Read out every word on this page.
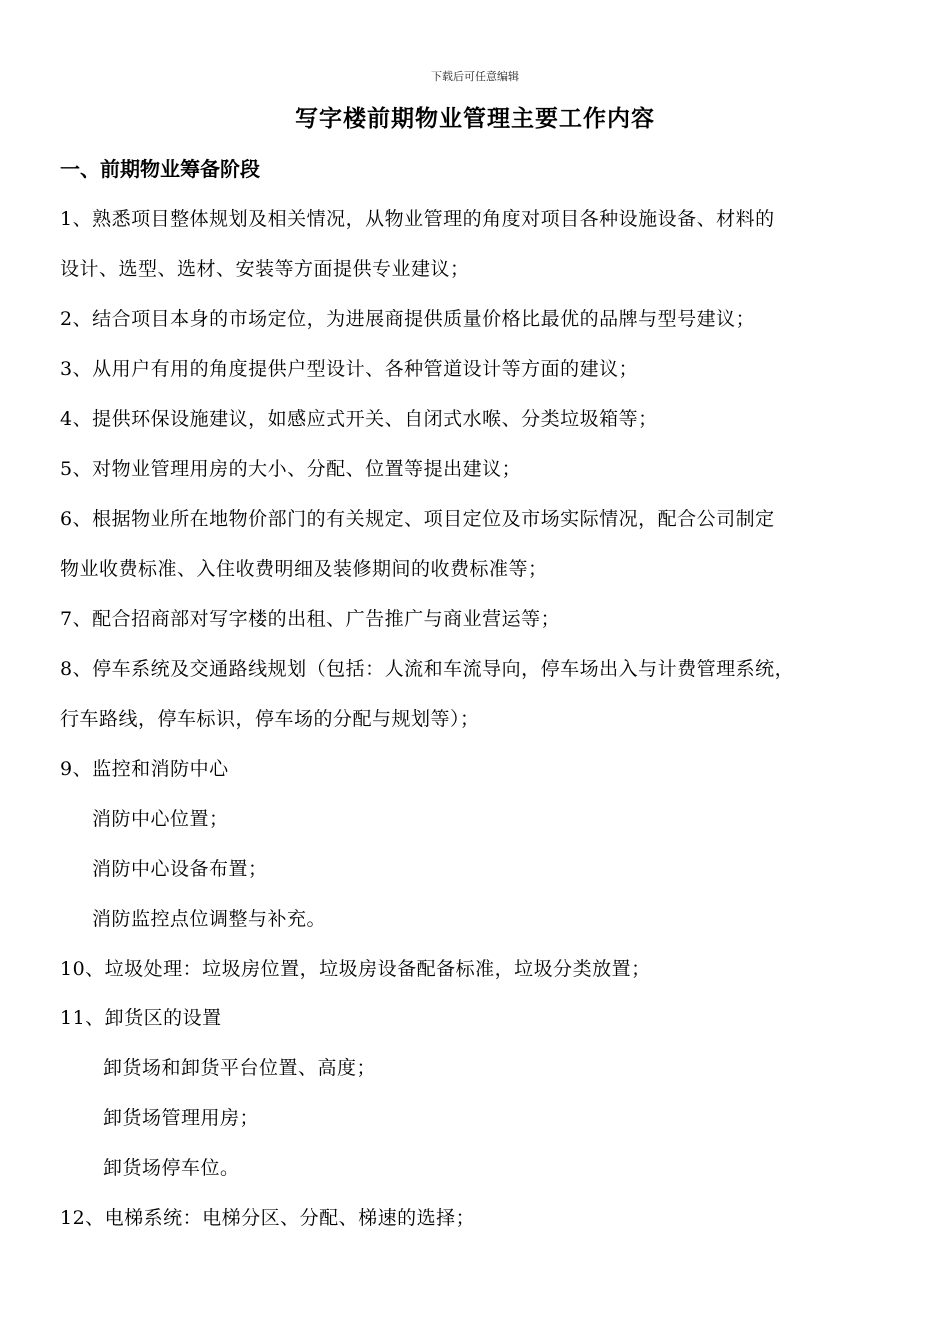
下载后可任意编辑
写字楼前期物业管理主要工作内容
一、前期物业筹备阶段
1、熟悉项目整体规划及相关情况，从物业管理的角度对项目各种设施设备、材料的
设计、选型、选材、安装等方面提供专业建议；
2、结合项目本身的市场定位，为进展商提供质量价格比最优的品牌与型号建议；
3、从用户有用的角度提供户型设计、各种管道设计等方面的建议；
4、提供环保设施建议，如感应式开关、自闭式水喉、分类垃圾箱等；
5、对物业管理用房的大小、分配、位置等提出建议；
6、根据物业所在地物价部门的有关规定、项目定位及市场实际情况，配合公司制定
物业收费标准、入住收费明细及装修期间的收费标准等；
7、配合招商部对写字楼的出租、广告推广与商业营运等；
8、停车系统及交通路线规划（包括：人流和车流导向，停车场出入与计费管理系统，
行车路线，停车标识，停车场的分配与规划等）；
9、监控和消防中心
消防中心位置；
消防中心设备布置；
消防监控点位调整与补充。
10、垃圾处理：垃圾房位置，垃圾房设备配备标准，垃圾分类放置；
11、卸货区的设置
卸货场和卸货平台位置、高度；
卸货场管理用房；
卸货场停车位。
12、电梯系统：电梯分区、分配、梯速的选择；
